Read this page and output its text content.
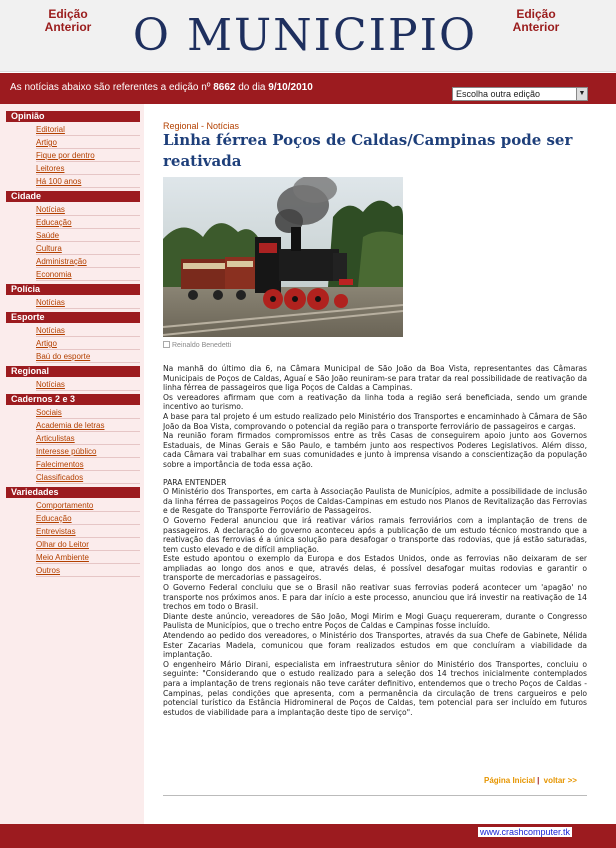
Edição
Anterior O MUNICIPIO	Edição
Anterior
As notícias abaixo são referentes a edição nº 8662 do dia 9/10/2010
Escolha outra edição	▼
Opinião
Editorial
Artigo
Fique por dentro
Leitores
Há 100 anos
Cidade
Notícias
Educação
Saúde
Cultura
Administração
Economia
Polícia
Notícias
Esporte
Notícias
Artigo
Baú do esporte
Regional
Notícias
Cadernos 2 e 3
Sociais
Academia de letras
Articulistas
Interesse público
Falecimentos
Classificados
Variedades
Comportamento
Educação
Entrevistas
Olhar do Leitor
Meio Ambiente
Outros
Regional - Notícias
Linha férrea Poços de Caldas/Campinas pode ser reativada
Reinaldo Benedetti

Na manhã do último dia 6, na Câmara Municipal de São João da Boa Vista, representantes das Câmaras Municipais de Poços de Caldas, Aguaí e São João reuniram-se para tratar da real possibilidade de reativação da linha férrea de passageiros que liga Poços de Caldas a Campinas.

Os vereadores afirmam que com a reativação da linha toda a região será beneficiada, sendo um grande incentivo ao turismo.

A base para tal projeto é um estudo realizado pelo Ministério dos Transportes e encaminhado à Câmara de São João da Boa Vista, comprovando o potencial da região para o transporte ferroviário de passageiros e cargas.

Na reunião foram firmados compromissos entre as três Casas de conseguirem apoio junto aos Governos Estaduais, de Minas Gerais e São Paulo, e também junto aos respectivos Poderes Legislativos. Além disso, cada Câmara vai trabalhar em suas comunidades e junto à imprensa visando a conscientização da população sobre a importância de toda essa ação.

PARA ENTENDER

O Ministério dos Transportes, em carta à Associação Paulista de Municípios, admite a possibilidade de inclusão da linha férrea de passageiros Poços de Caldas-Campinas em estudo nos Planos de Revitalização das Ferrovias e de Resgate do Transporte Ferroviário de Passageiros.

O Governo Federal anunciou que irá reativar vários ramais ferroviários com a implantação de trens de passageiros. A declaração do governo aconteceu após a publicação de um estudo técnico mostrando que a reativação das ferrovias é a única solução para desafogar o transporte das rodovias, que já estão saturadas, tem custo elevado e de difícil ampliação.

Este estudo apontou o exemplo da Europa e dos Estados Unidos, onde as ferrovias não deixaram de ser ampliadas ao longo dos anos e que, através delas, é possível desafogar muitas rodovias e garantir o transporte de mercadorias e passageiros.

O Governo Federal concluiu que se o Brasil não reativar suas ferrovias poderá acontecer um 'apagão' no transporte nos próximos anos. E para dar início a este processo, anunciou que irá investir na reativação de 14 trechos em todo o Brasil.

Diante deste anúncio, vereadores de São João, Mogi Mirim e Mogi Guaçu requereram, durante o Congresso Paulista de Municípios, que o trecho entre Poços de Caldas e Campinas fosse incluído.

Atendendo ao pedido dos vereadores, o Ministério dos Transportes, através da sua Chefe de Gabinete, Nélida Ester Zacarias Madela, comunicou que foram realizados estudos em que concluíram a viabilidade da implantação.

O engenheiro Mário Dirani, especialista em infraestrutura sênior do Ministério dos Transportes, concluiu o seguinte: "Considerando que o estudo realizado para a seleção dos 14 trechos inicialmente contemplados para a implantação de trens regionais não teve caráter definitivo, entendemos que o trecho Poços de Caldas - Campinas, pelas condições que apresenta, com a permanência da circulação de trens cargueiros e pelo potencial turístico da Estância Hidromineral de Poços de Caldas, tem potencial para ser incluído em futuros estudos de viabilidade para a implantação deste tipo de serviço".

Página Inicial | voltar >>
www.crashcomputer.tk
